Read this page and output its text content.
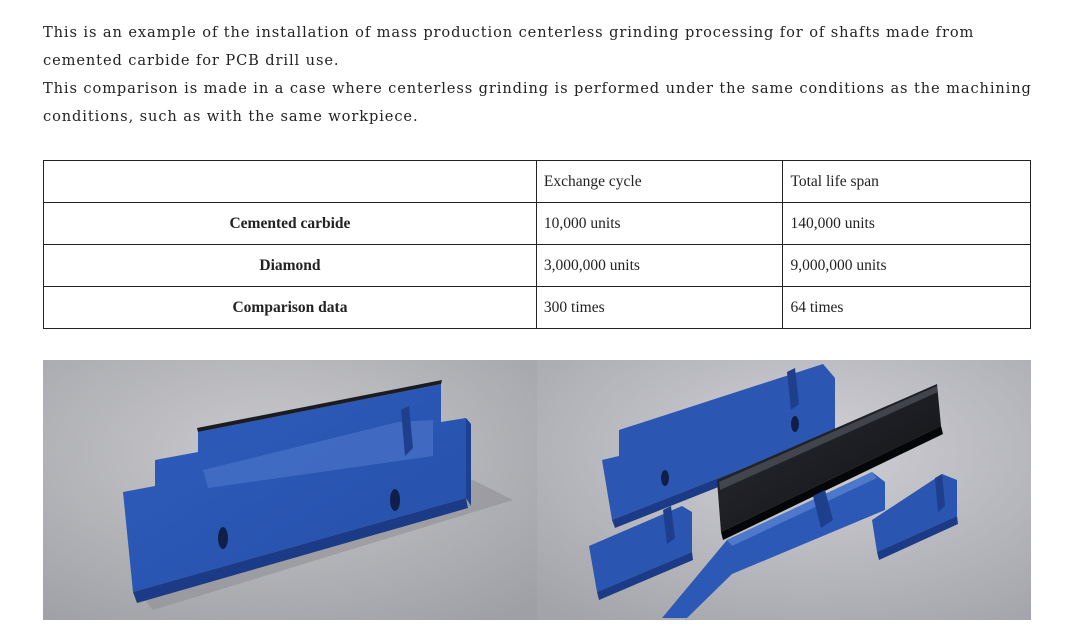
This is an example of the installation of mass production centerless grinding processing for of shafts made from cemented carbide for PCB drill use.

This comparison is made in a case where centerless grinding is performed under the same conditions as the machining conditions, such as with the same workpiece.

	Exchange cycle	Total life span
Cemented carbide	10,000 units	140,000 units
Diamond	3,000,000 units	9,000,000 units
Comparison data	300 times	64 times
